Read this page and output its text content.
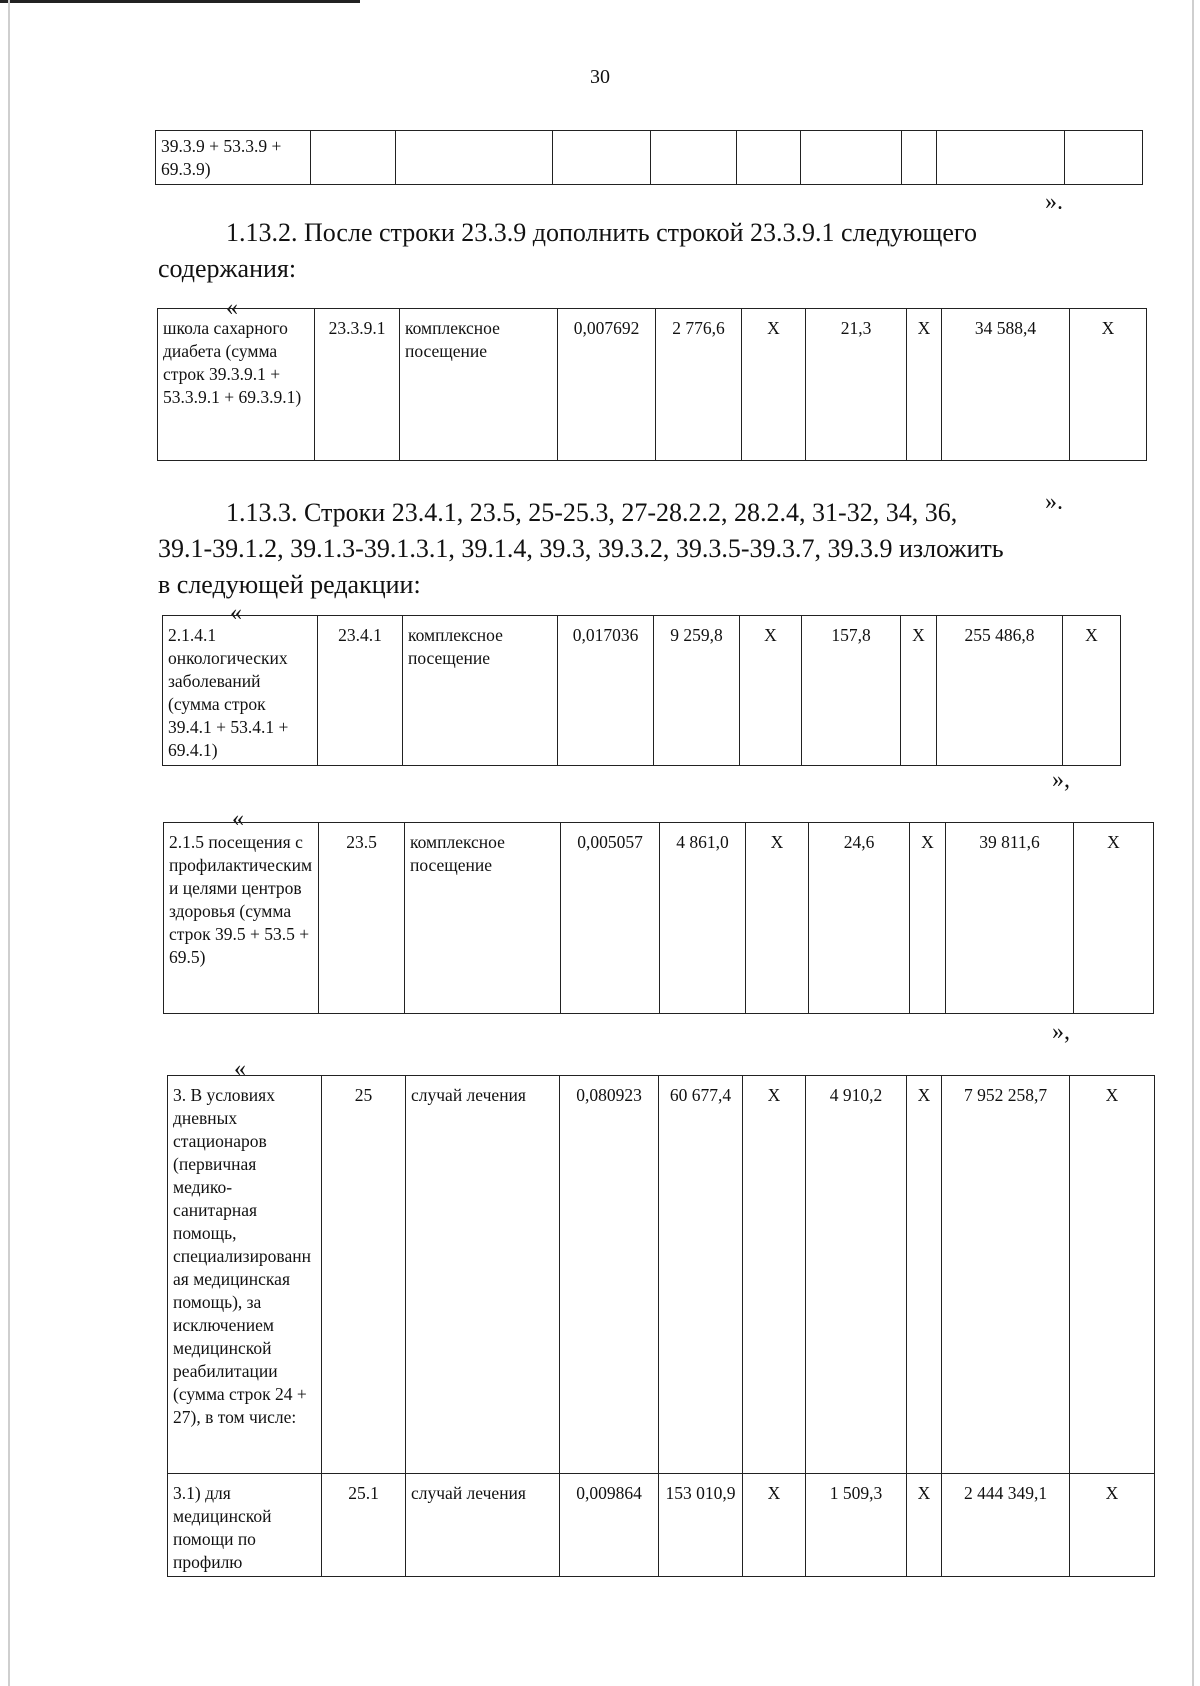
30
39.3.9 + 53.3.9 + 69.3.9)									
».

1.13.2. После строки 23.3.9 дополнить строкой 23.3.9.1 следующего
содержания:

«
школа сахарного диабета (сумма строк 39.3.9.1 + 53.3.9.1 + 69.3.9.1)	23.3.9.1	комплексное посещение	0,007692	2 776,6	Х	21,3	Х	34 588,4	Х
».

1.13.3. Строки 23.4.1, 23.5, 25-25.3, 27-28.2.2, 28.2.4, 31-32, 34, 36,
39.1-39.1.2, 39.1.3-39.1.3.1, 39.1.4, 39.3, 39.3.2, 39.3.5-39.3.7, 39.3.9 изложить
в следующей редакции:

«
2.1.4.1 онкологических заболеваний (сумма строк 39.4.1 + 53.4.1 + 69.4.1)	23.4.1	комплексное посещение	0,017036	9 259,8	Х	157,8	Х	255 486,8	Х
»,
«
2.1.5 посещения с профилактическими целями центров здоровья (сумма строк 39.5 + 53.5 + 69.5)	23.5	комплексное посещение	0,005057	4 861,0	Х	24,6	Х	39 811,6	Х
»,
«
3. В условиях дневных стационаров (первичная медико-санитарная помощь, специализированная медицинская помощь), за исключением медицинской реабилитации (сумма строк 24 + 27), в том числе:	25	случай лечения	0,080923	60 677,4	Х	4 910,2	Х	7 952 258,7	Х
3.1) для медицинской помощи по профилю	25.1	случай лечения	0,009864	153 010,9	Х	1 509,3	Х	2 444 349,1	Х
